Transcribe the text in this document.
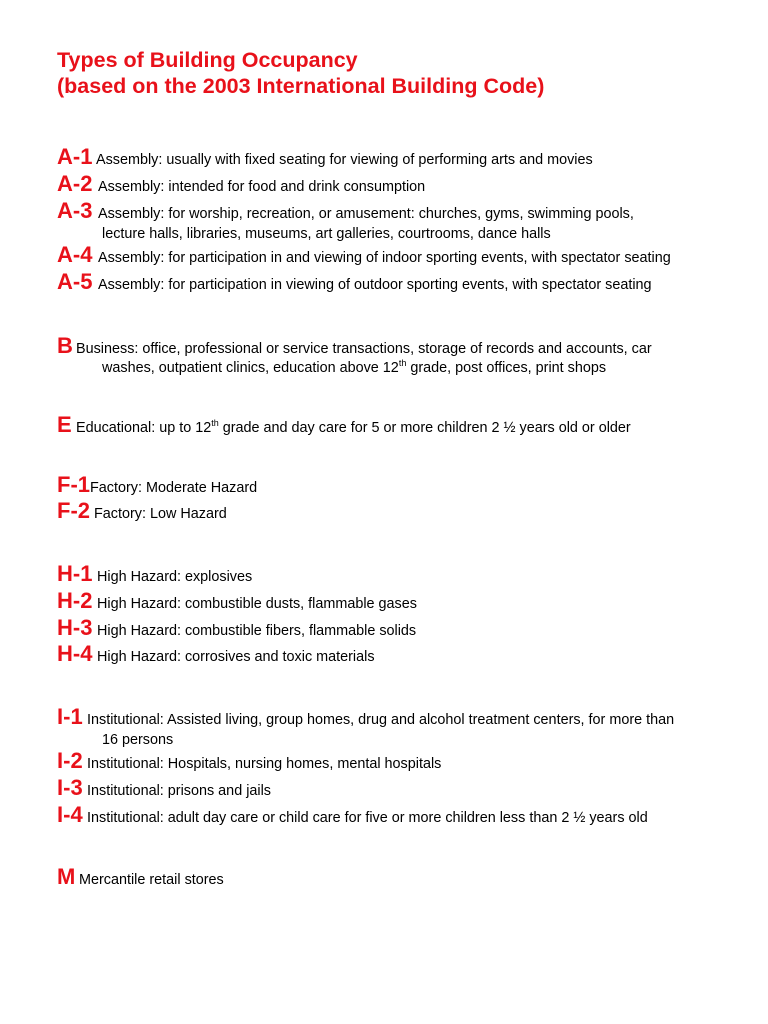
Types of Building Occupancy
(based on the 2003 International Building Code)
A-1 Assembly: usually with fixed seating for viewing of performing arts and movies
A-2 Assembly: intended for food and drink consumption
A-3 Assembly: for worship, recreation, or amusement: churches, gyms, swimming pools,
lecture halls, libraries, museums, art galleries, courtrooms, dance halls
A-4 Assembly: for participation in and viewing of indoor sporting events, with spectator seating
A-5 Assembly: for participation in viewing of outdoor sporting events, with spectator seating
B Business: office, professional or service transactions, storage of records and accounts, car
washes, outpatient clinics, education above 12th grade, post offices, print shops
E Educational: up to 12th grade and day care for 5 or more children 2 ½ years old or older
F-1 Factory: Moderate Hazard
F-2 Factory: Low Hazard
H-1 High Hazard: explosives
H-2 High Hazard: combustible dusts, flammable gases
H-3 High Hazard: combustible fibers, flammable solids
H-4 High Hazard: corrosives and toxic materials
I-1 Institutional: Assisted living, group homes, drug and alcohol treatment centers, for more than
16 persons
I-2 Institutional: Hospitals, nursing homes, mental hospitals
I-3 Institutional: prisons and jails
I-4 Institutional: adult day care or child care for five or more children less than 2 ½ years old
M Mercantile retail stores
